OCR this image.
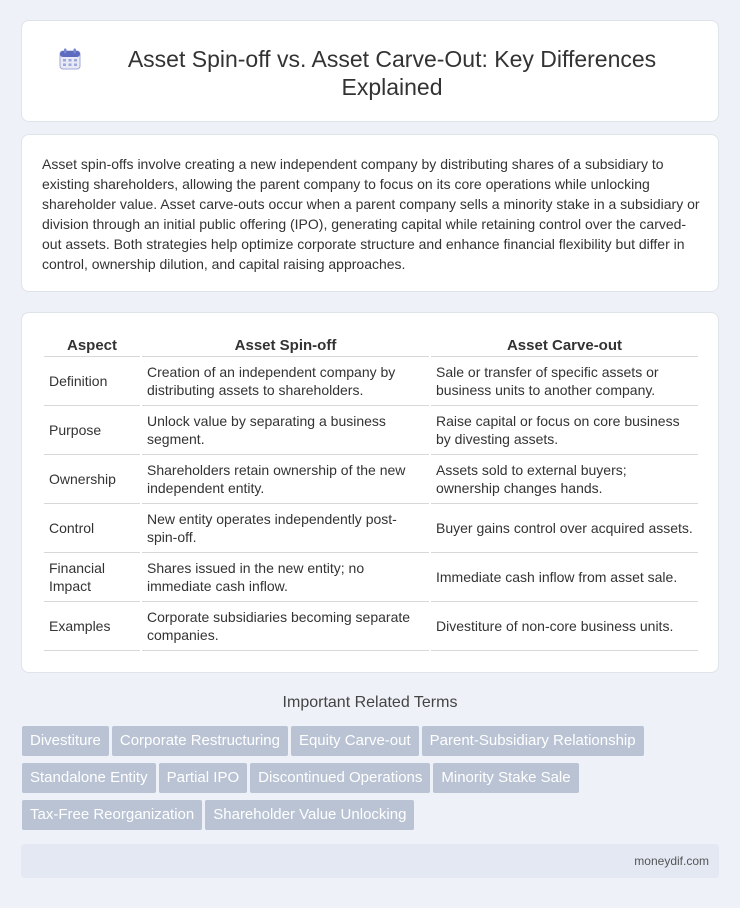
Asset Spin-off vs. Asset Carve-Out: Key Differences Explained

Asset spin-offs involve creating a new independent company by distributing shares of a subsidiary to existing shareholders, allowing the parent company to focus on its core operations while unlocking shareholder value. Asset carve-outs occur when a parent company sells a minority stake in a subsidiary or division through an initial public offering (IPO), generating capital while retaining control over the carved-out assets. Both strategies help optimize corporate structure and enhance financial flexibility but differ in control, ownership dilution, and capital raising approaches.

Aspect	Asset Spin-off	Asset Carve-out
Definition	Creation of an independent company by distributing assets to shareholders.	Sale or transfer of specific assets or business units to another company.
Purpose	Unlock value by separating a business segment.	Raise capital or focus on core business by divesting assets.
Ownership	Shareholders retain ownership of the new independent entity.	Assets sold to external buyers; ownership changes hands.
Control	New entity operates independently post-spin-off.	Buyer gains control over acquired assets.
Financial Impact	Shares issued in the new entity; no immediate cash inflow.	Immediate cash inflow from asset sale.
Examples	Corporate subsidiaries becoming separate companies.	Divestiture of non-core business units.
Important Related Terms
Divestiture Corporate Restructuring Equity Carve-out Parent-Subsidiary RelationshipStandalone Entity Partial IPO Discontinued Operations Minority Stake SaleTax-Free Reorganization Shareholder Value Unlocking
moneydif.com
